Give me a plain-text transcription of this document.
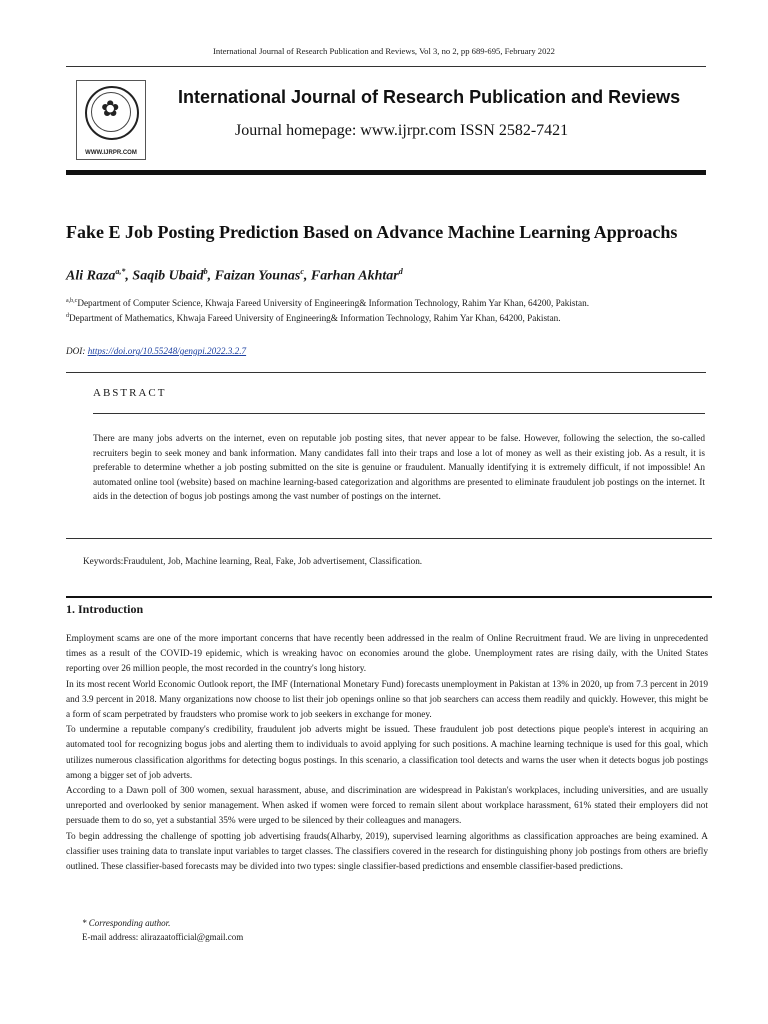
International Journal of Research Publication and Reviews, Vol 3, no 2, pp 689-695, February 2022
✿
WWW.IJRPR.COM
International Journal of Research Publication and Reviews
Journal homepage: www.ijrpr.com ISSN 2582-7421
Fake E Job Posting Prediction Based on Advance Machine Learning Approachs
Ali Raza$^{a,*}$, Saqib Ubaid$^b$, Faizan Younas$^c$, Farhan Akhtar$^d$
$^{a,b,c}$Department of Computer Science, Khwaja Fareed University of Engineering& Information Technology, Rahim Yar Khan, 64200, Pakistan.
$^d$Department of Mathematics, Khwaja Fareed University of Engineering& Information Technology, Rahim Yar Khan, 64200, Pakistan.
DOI: https://doi.org/10.55248/gengpi.2022.3.2.7
ABSTRACT
There are many jobs adverts on the internet, even on reputable job posting sites, that never appear to be false. However, following the selection, the so-called recruiters begin to seek money and bank information. Many candidates fall into their traps and lose a lot of money as well as their existing job. As a result, it is preferable to determine whether a job posting submitted on the site is genuine or fraudulent. Manually identifying it is extremely difficult, if not impossible! An automated online tool (website) based on machine learning-based categorization and algorithms are presented to eliminate fraudulent job postings on the internet. It aids in the detection of bogus job postings among the vast number of postings on the internet.
Keywords:Fraudulent, Job, Machine learning, Real, Fake, Job advertisement, Classification.
1. Introduction

Employment scams are one of the more important concerns that have recently been addressed in the realm of Online Recruitment fraud. We are living in unprecedented times as a result of the COVID-19 epidemic, which is wreaking havoc on economies around the globe. Unemployment rates are rising daily, with the United States reporting over 26 million people, the most recorded in the country's long history.

In its most recent World Economic Outlook report, the IMF (International Monetary Fund) forecasts unemployment in Pakistan at 13% in 2020, up from 7.3 percent in 2019 and 3.9 percent in 2018. Many organizations now choose to list their job openings online so that job searchers can access them readily and quickly. However, this might be a form of scam perpetrated by fraudsters who promise work to job seekers in exchange for money.

To undermine a reputable company's credibility, fraudulent job adverts might be issued. These fraudulent job post detections pique people's interest in acquiring an automated tool for recognizing bogus jobs and alerting them to individuals to avoid applying for such positions. A machine learning technique is used for this goal, which utilizes numerous classification algorithms for detecting bogus postings. In this scenario, a classification tool detects and warns the user when it detects bogus job postings among a bigger set of job adverts.

According to a Dawn poll of 300 women, sexual harassment, abuse, and discrimination are widespread in Pakistan's workplaces, including universities, and are usually unreported and overlooked by senior management. When asked if women were forced to remain silent about workplace harassment, 61% stated their employers did not persuade them to do so, yet a substantial 35% were urged to be silenced by their colleagues and managers.

To begin addressing the challenge of spotting job advertising frauds(Alharby, 2019), supervised learning algorithms as classification approaches are being examined. A classifier uses training data to translate input variables to target classes. The classifiers covered in the research for distinguishing phony job postings from others are briefly outlined. These classifier-based forecasts may be divided into two types: single classifier-based predictions and ensemble classifier-based predictions.

* Corresponding author.
E-mail address: alirazaatofficial@gmail.com
